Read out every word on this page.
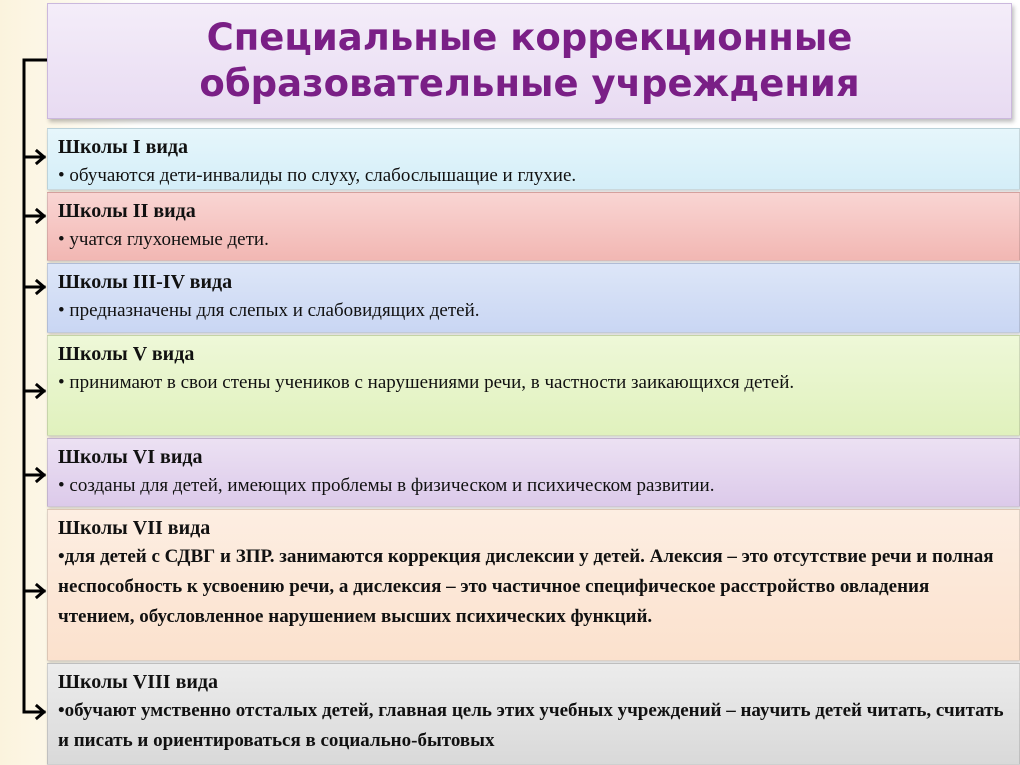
Специальные коррекционные
образовательные учреждения
Школы I вида

• обучаются дети-инвалиды по слуху, слабослышащие и глухие.

Школы II вида

• учатся глухонемые дети.

Школы III-IV вида

• предназначены для слепых и слабовидящих детей.

Школы V вида

• принимают в свои стены учеников с нарушениями речи, в частности заикающихся детей.

Школы VI вида

• созданы для детей, имеющих проблемы в физическом и психическом развитии.

Школы VII вида

•для детей с СДВГ и ЗПР. занимаются коррекция дислексии у детей. Алексия – это отсутствие речи и полная неспособность к усвоению речи, а дислексия – это частичное специфическое расстройство овладения чтением, обусловленное нарушением высших психических функций.

Школы VIII вида

•обучают умственно отсталых детей, главная цель этих учебных учреждений – научить детей читать, считать и писать и ориентироваться в социально-бытовых
